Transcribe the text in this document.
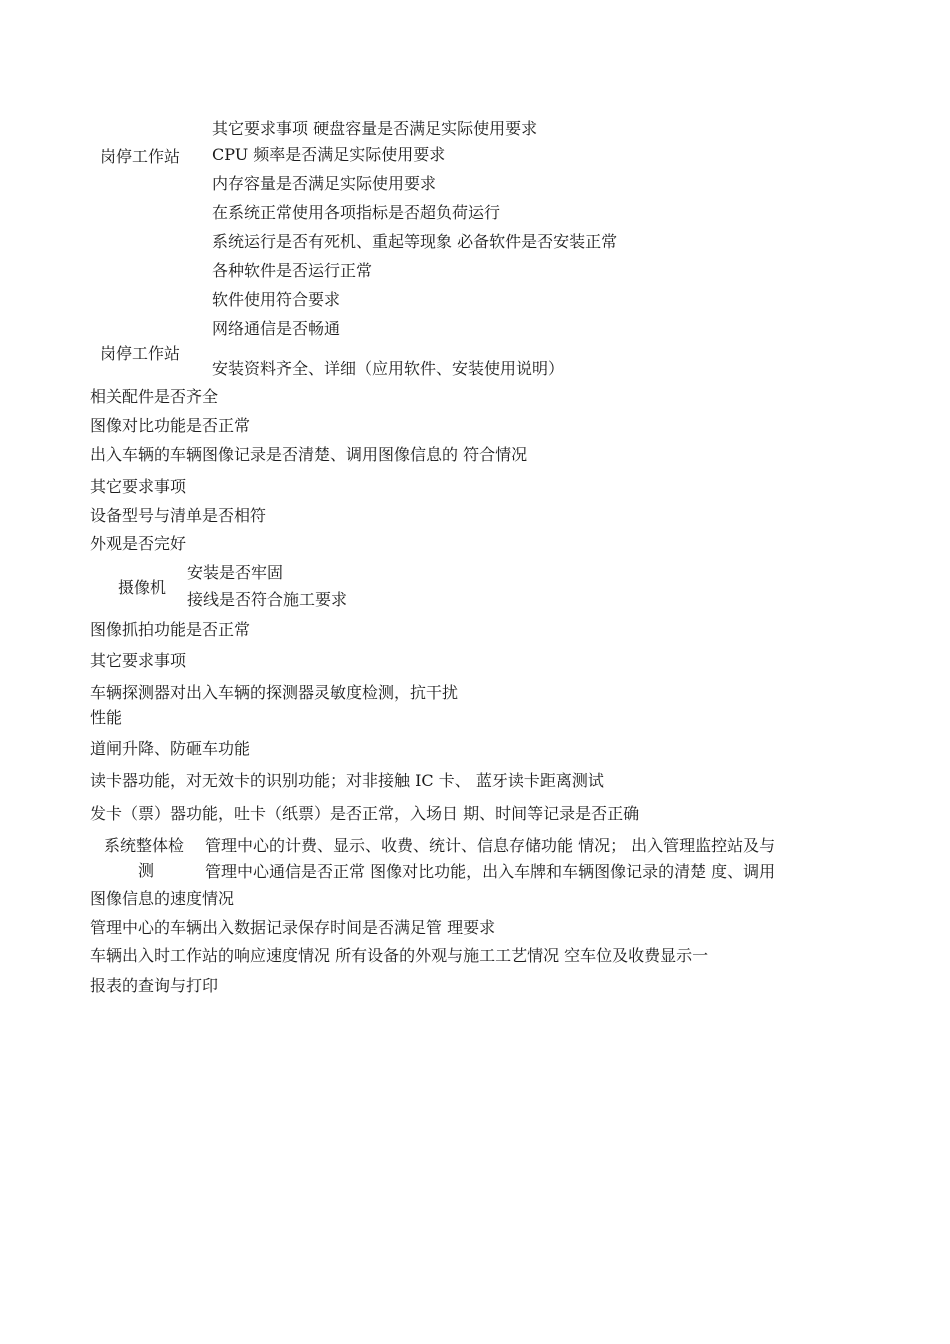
其它要求事项 硬盘容量是否满足实际使用要求
岗停工作站 CPU 频率是否满足实际使用要求
内存容量是否满足实际使用要求
在系统正常使用各项指标是否超负荷运行
系统运行是否有死机、重起等现象 必备软件是否安装正常
各种软件是否运行正常
软件使用符合要求
网络通信是否畅通
岗停工作站
安装资料齐全、详细（应用软件、安装使用说明）
相关配件是否齐全
图像对比功能是否正常
出入车辆的车辆图像记录是否清楚、调用图像信息的 符合情况
其它要求事项
设备型号与清单是否相符
外观是否完好
安装是否牢固
摄像机
接线是否符合施工要求
图像抓拍功能是否正常
其它要求事项
车辆探测器对出入车辆的探测器灵敏度检测，抗干扰
性能
道闸升降、防砸车功能
读卡器功能，对无效卡的识别功能；对非接触 IC 卡、 蓝牙读卡距离测试
发卡（票）器功能，吐卡（纸票）是否正常，入场日 期、时间等记录是否正确
系统整体检 管理中心的计费、显示、收费、统计、信息存储功能 情况； 出入管理监控站及与
测	管理中心通信是否正常 图像对比功能，出入车牌和车辆图像记录的清楚 度、调用
图像信息的速度情况
管理中心的车辆出入数据记录保存时间是否满足管 理要求
车辆出入时工作站的响应速度情况 所有设备的外观与施工工艺情况 空车位及收费显示一
报表的查询与打印
